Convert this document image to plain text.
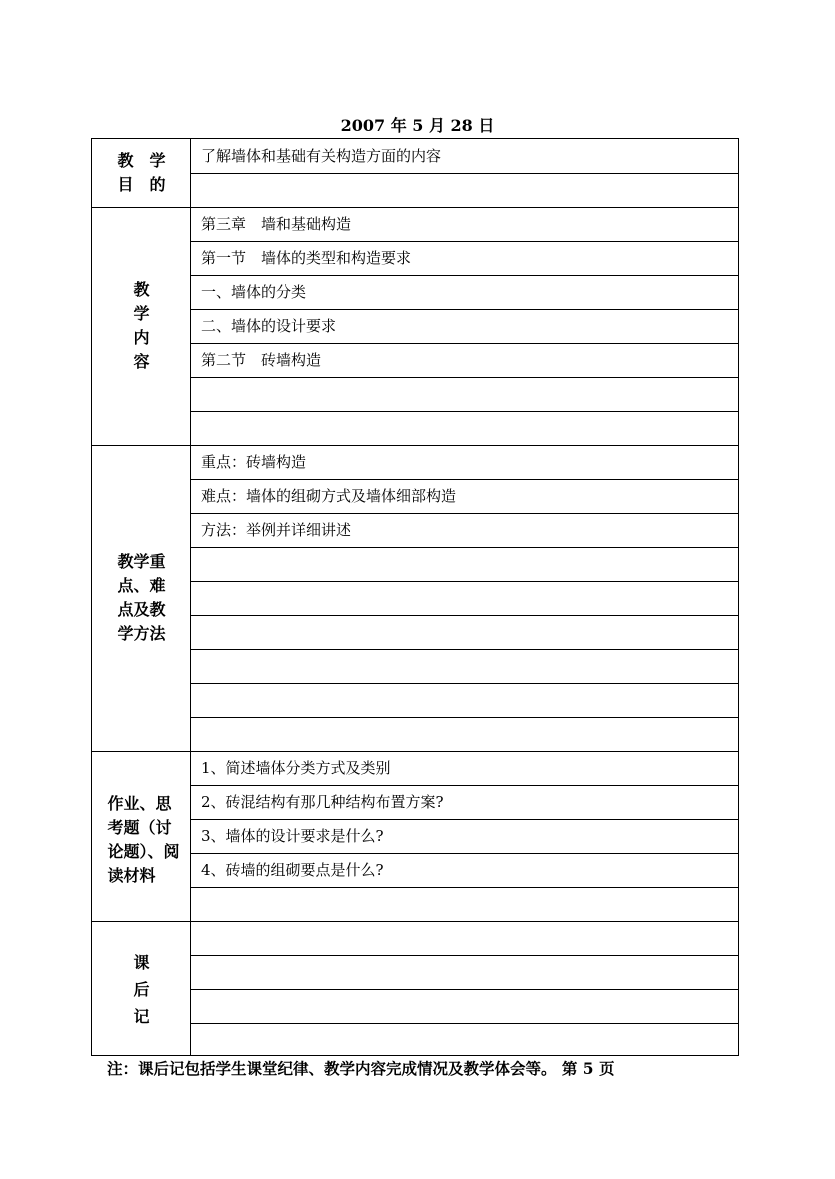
2007 年 5 月 28 日
教　学
目　的
教
学
内
容
教学重
点、难
点及教
学方法
作业、思
考题（讨
论题）、阅
读材料
课
后
记
了解墙体和基础有关构造方面的内容
第三章　墙和基础构造
第一节　墙体的类型和构造要求
一、墙体的分类
二、墙体的设计要求
第二节　砖墙构造
重点：砖墙构造
难点：墙体的组砌方式及墙体细部构造
方法：举例并详细讲述
1、简述墙体分类方式及类别
2、砖混结构有那几种结构布置方案?
3、墙体的设计要求是什么?
4、砖墙的组砌要点是什么?
注：课后记包括学生课堂纪律、教学内容完成情况及教学体会等。 第 5 页
